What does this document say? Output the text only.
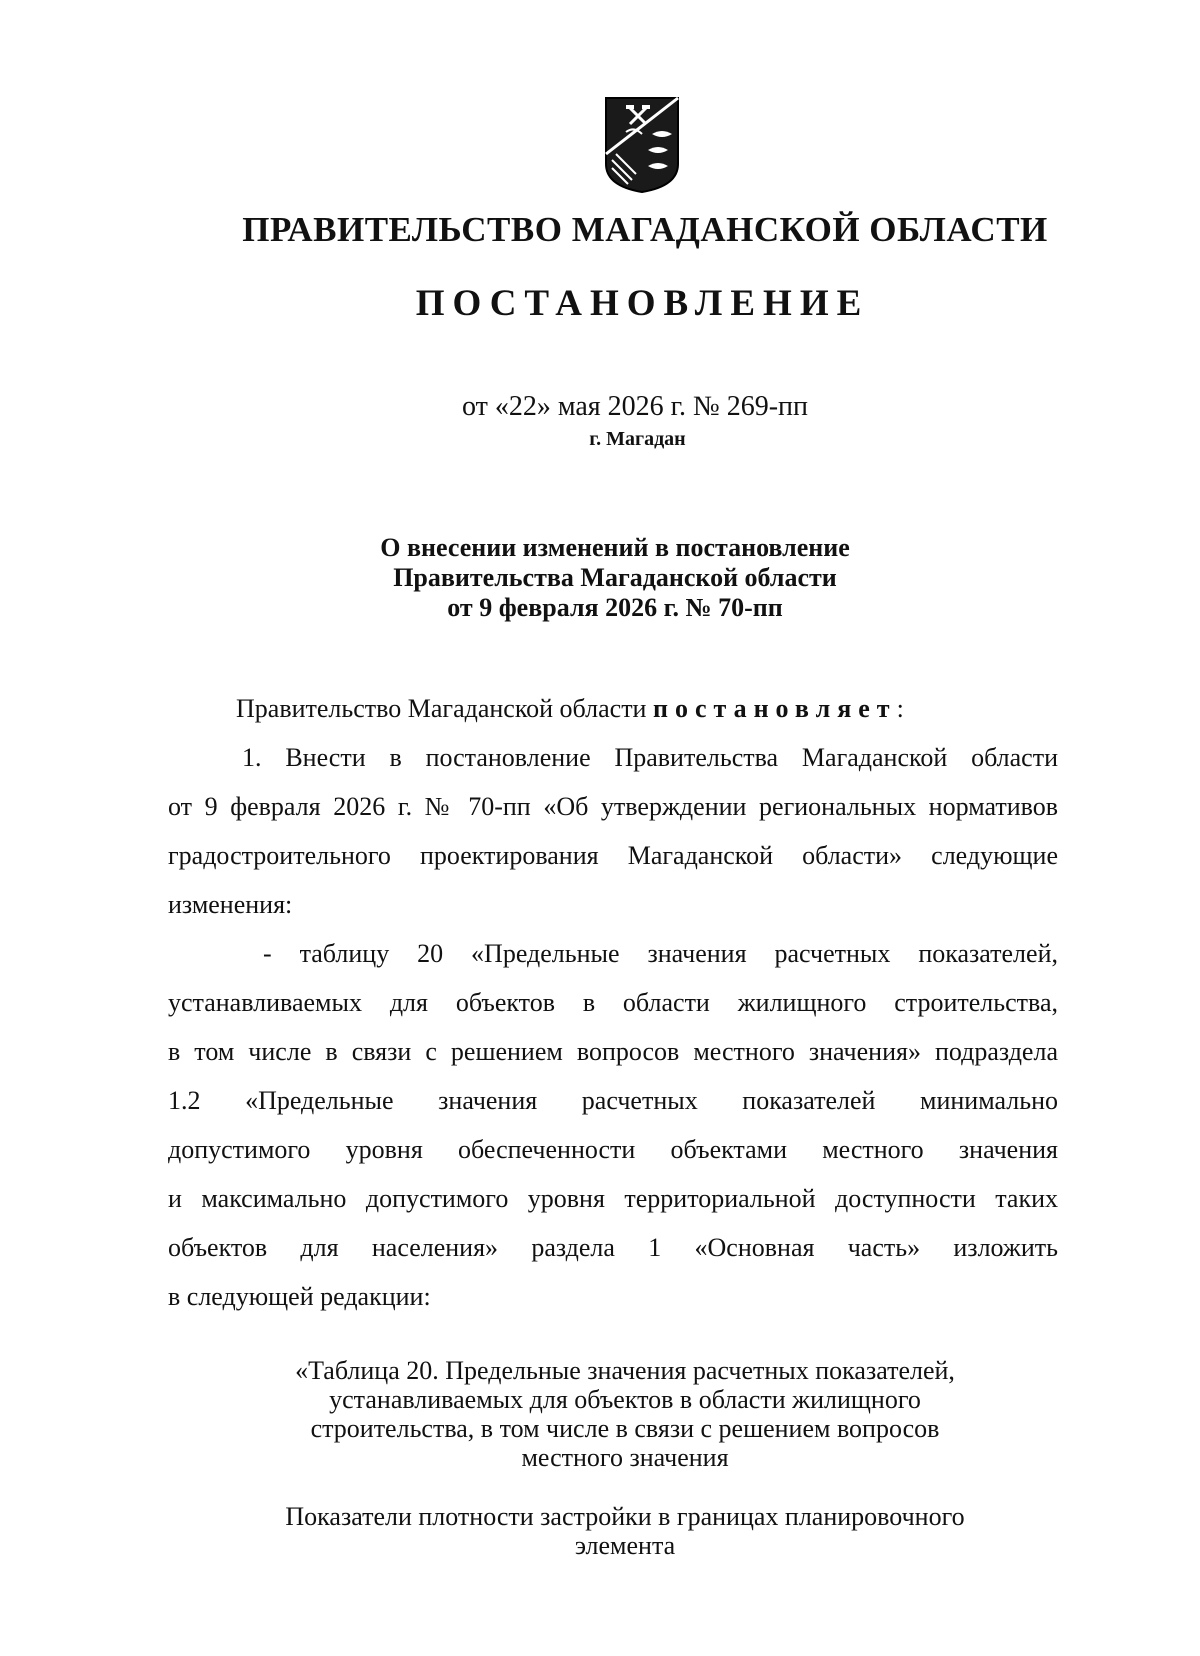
ПРАВИТЕЛЬСТВО МАГАДАНСКОЙ ОБЛАСТИ
ПОСТАНОВЛЕНИЕ
от «22» мая 2026 г. № 269-пп
г. Магадан
О внесении изменений в постановление
Правительства Магаданской области
от 9 февраля 2026 г. № 70-пп
Правительство Магаданской области постановляет:
1. Внести в постановление Правительства Магаданской области
от 9 февраля 2026 г. № 70-пп «Об утверждении региональных нормативов
градостроительного проектирования Магаданской области» следующие
изменения:
- таблицу 20 «Предельные значения расчетных показателей,
устанавливаемых для объектов в области жилищного строительства,
в том числе в связи с решением вопросов местного значения» подраздела
1.2 «Предельные значения расчетных показателей минимально
допустимого уровня обеспеченности объектами местного значения
и максимально допустимого уровня территориальной доступности таких
объектов для населения» раздела 1 «Основная часть» изложить
в следующей редакции:
«Таблица 20. Предельные значения расчетных показателей,
устанавливаемых для объектов в области жилищного
строительства, в том числе в связи с решением вопросов
местного значения
Показатели плотности застройки в границах планировочного
элемента
